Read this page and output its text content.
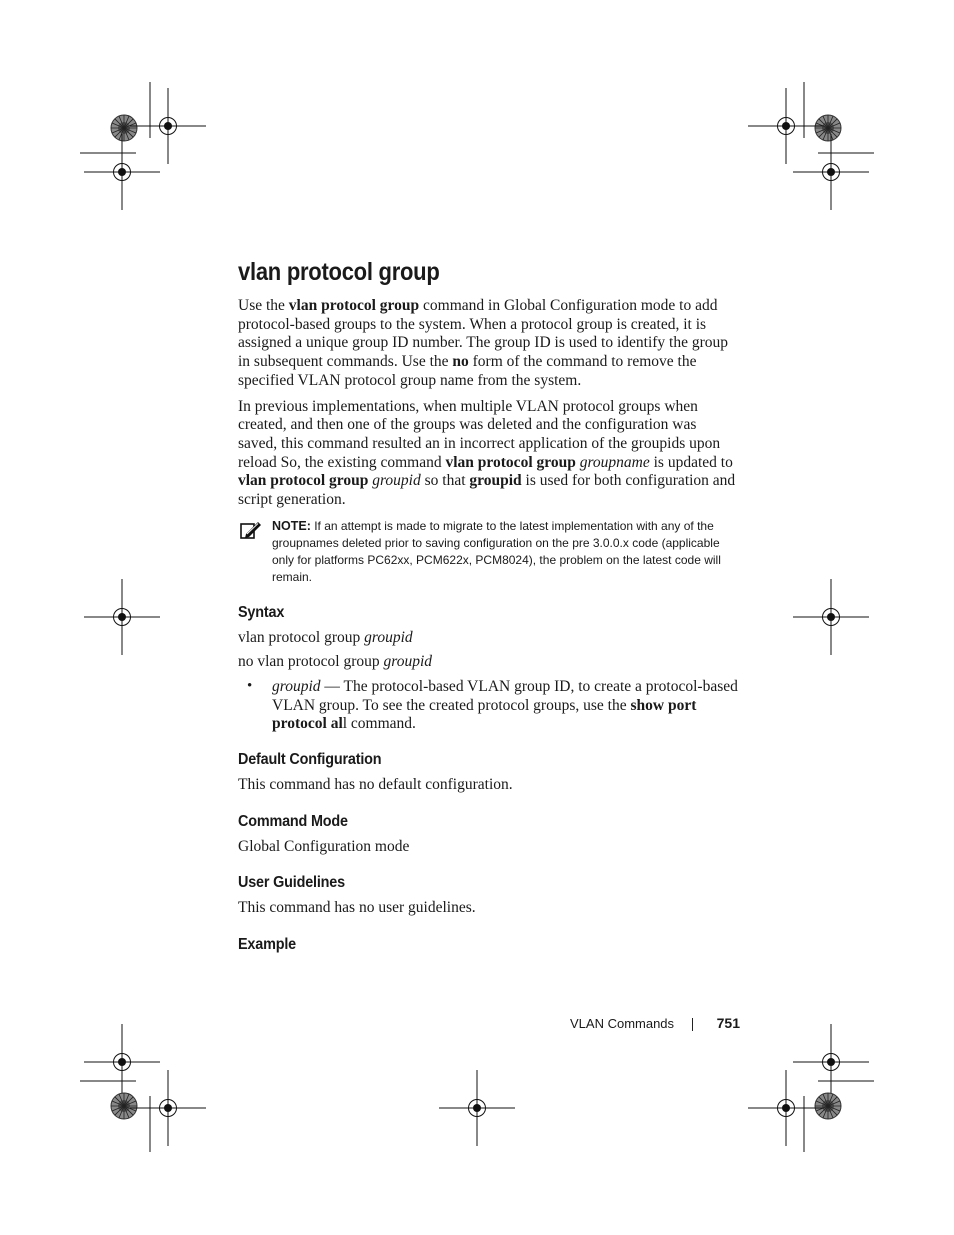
vlan protocol group

Use the vlan protocol group command in Global Configuration mode to add protocol-based groups to the system. When a protocol group is created, it is assigned a unique group ID number. The group ID is used to identify the group in subsequent commands. Use the no form of the command to remove the specified VLAN protocol group name from the system.

In previous implementations, when multiple VLAN protocol groups when created, and then one of the groups was deleted and the configuration was saved, this command resulted an in incorrect application of the groupids upon reload So, the existing command vlan protocol group groupname is updated to vlan protocol group groupid so that groupid is used for both configuration and script generation.

NOTE: If an attempt is made to migrate to the latest implementation with any of the groupnames deleted prior to saving configuration on the pre 3.0.0.x code (applicable only for platforms PC62xx, PCM622x, PCM8024), the problem on the latest code will remain.
Syntax

vlan protocol group groupid

no vlan protocol group groupid

• groupid — The protocol-based VLAN group ID, to create a protocol-based VLAN group. To see the created protocol groups, use the show port protocol all command.

Default Configuration

This command has no default configuration.

Command Mode

Global Configuration mode

User Guidelines

This command has no user guidelines.

Example
VLAN Commands	751
